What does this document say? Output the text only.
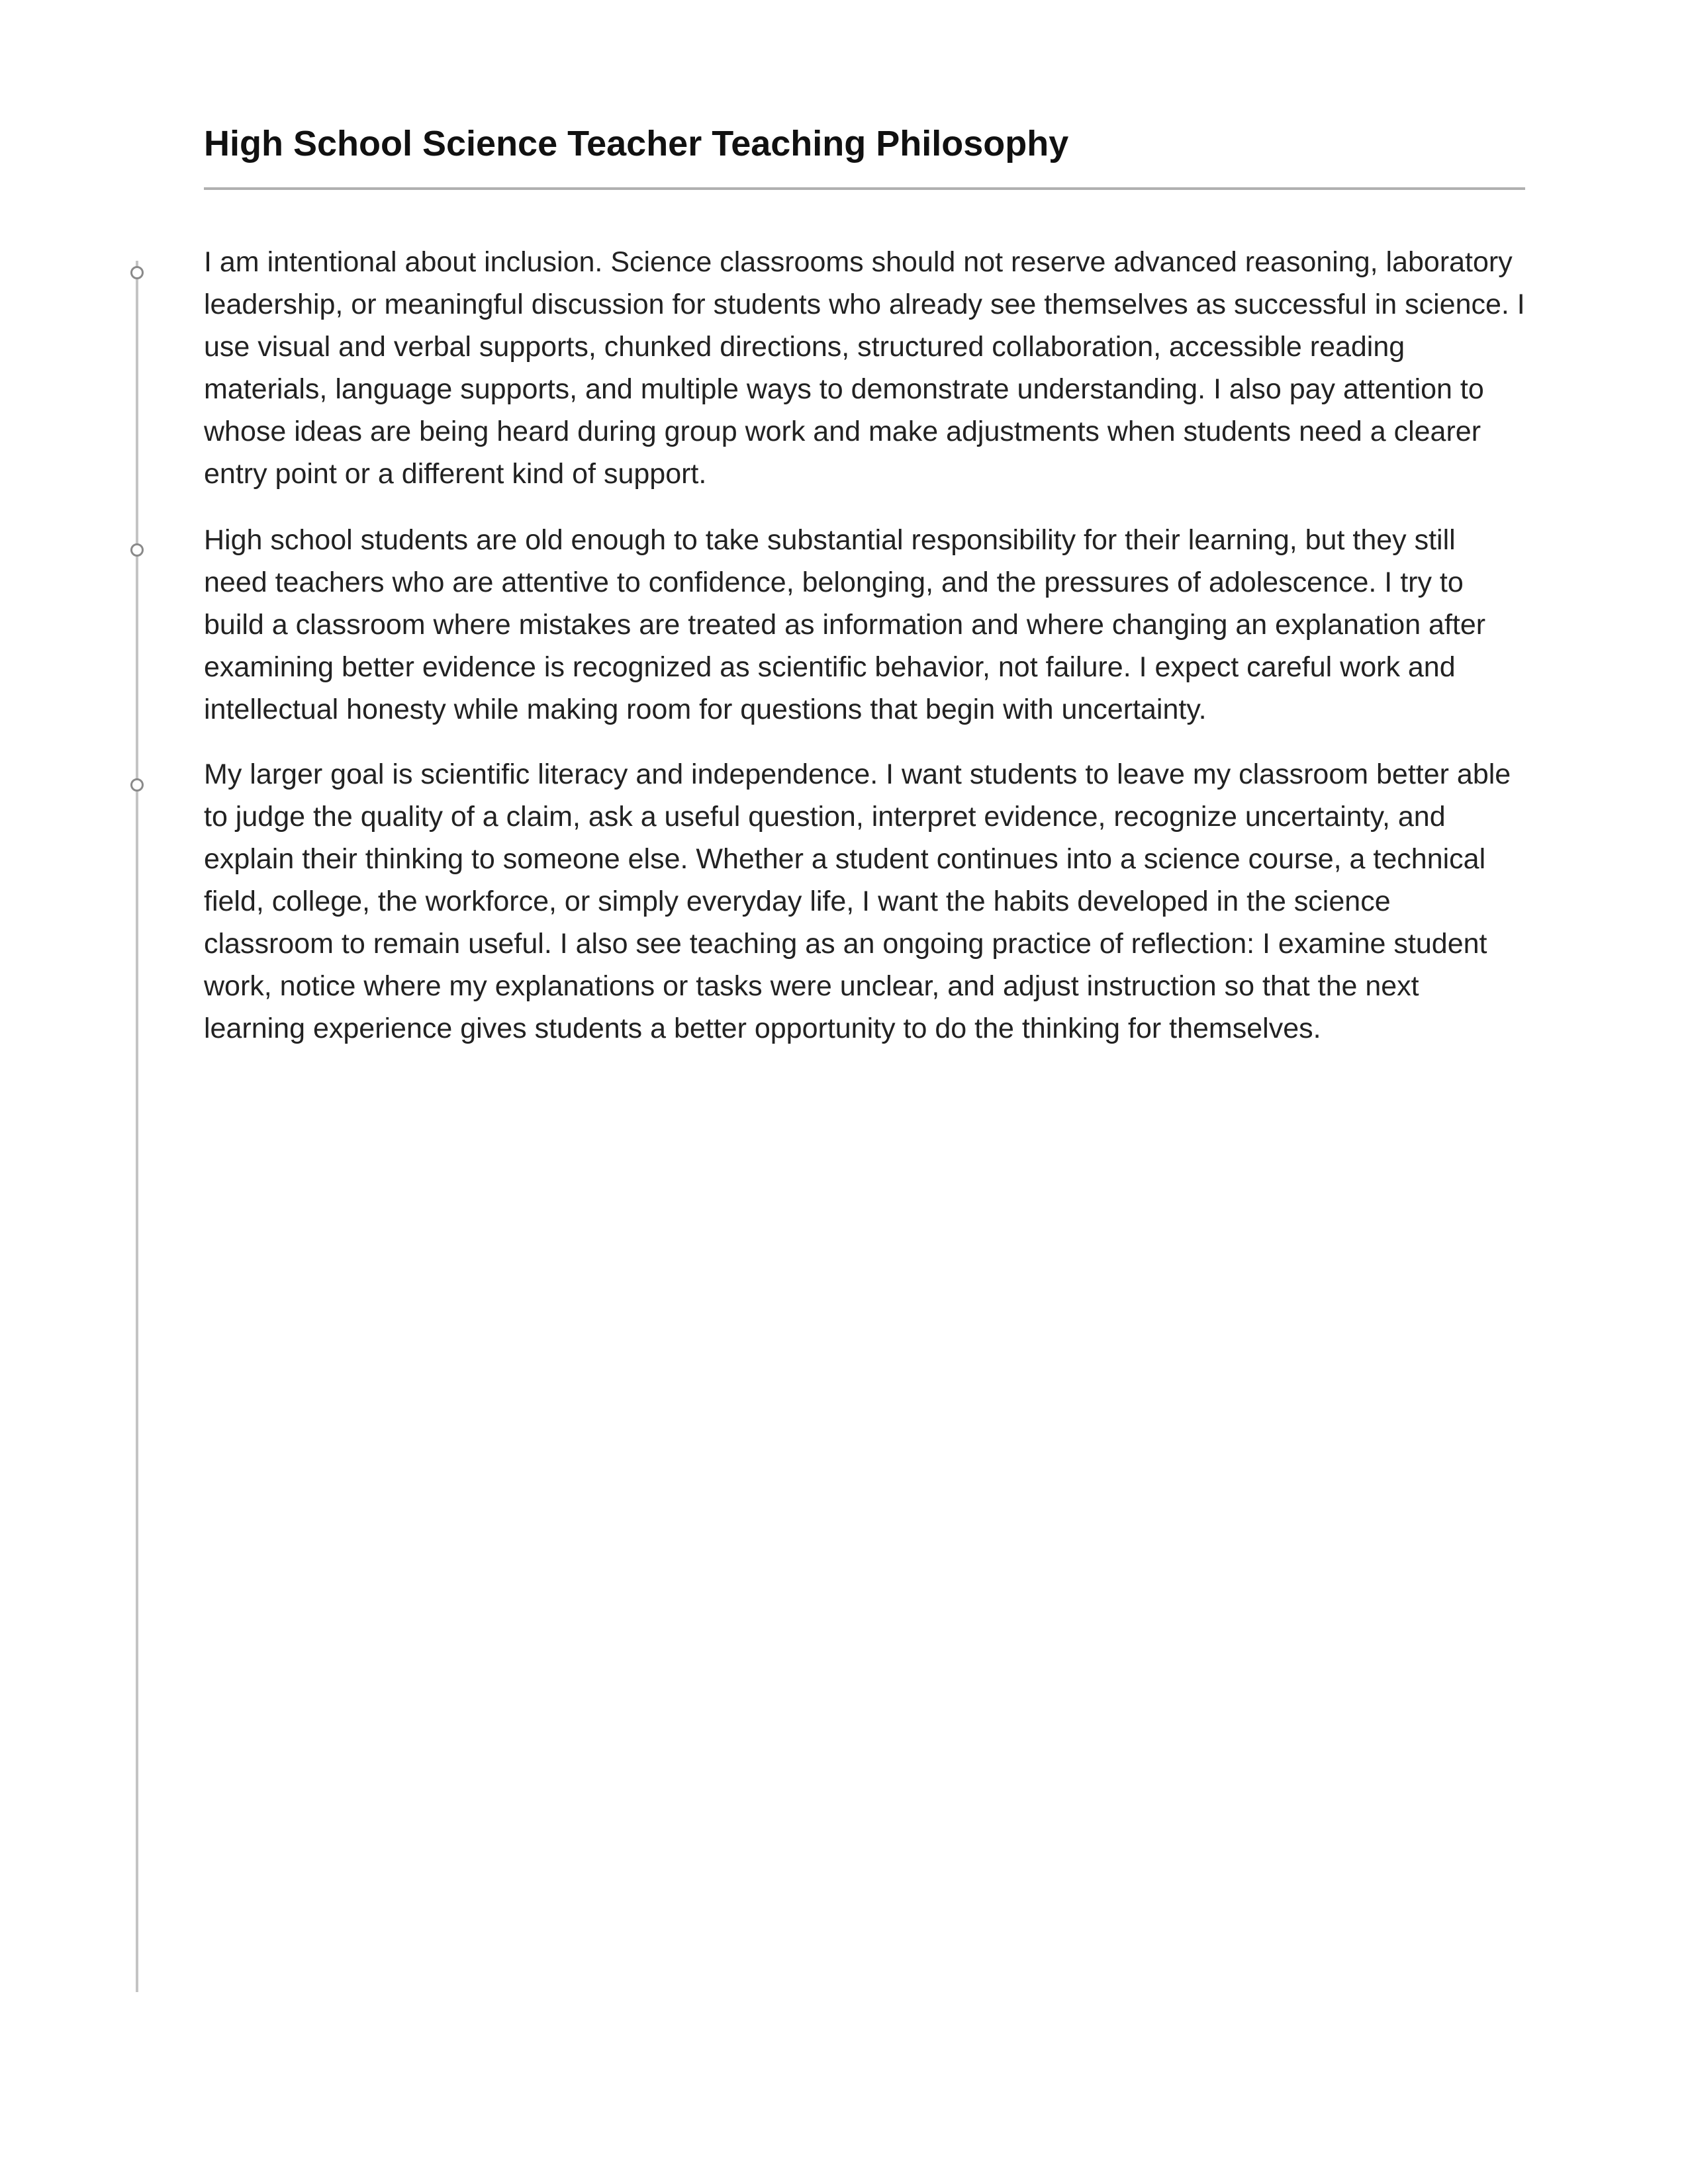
High School Science Teacher Teaching Philosophy

I am intentional about inclusion. Science classrooms should not reserve advanced reasoning, laboratory leadership, or meaningful discussion for students who already see themselves as successful in science. I use visual and verbal supports, chunked directions, structured collaboration, accessible reading materials, language supports, and multiple ways to demonstrate understanding. I also pay attention to whose ideas are being heard during group work and make adjustments when students need a clearer entry point or a different kind of support.

High school students are old enough to take substantial responsibility for their learning, but they still need teachers who are attentive to confidence, belonging, and the pressures of adolescence. I try to build a classroom where mistakes are treated as information and where changing an explanation after examining better evidence is recognized as scientific behavior, not failure. I expect careful work and intellectual honesty while making room for questions that begin with uncertainty.

My larger goal is scientific literacy and independence. I want students to leave my classroom better able to judge the quality of a claim, ask a useful question, interpret evidence, recognize uncertainty, and explain their thinking to someone else. Whether a student continues into a science course, a technical field, college, the workforce, or simply everyday life, I want the habits developed in the science classroom to remain useful. I also see teaching as an ongoing practice of reflection: I examine student work, notice where my explanations or tasks were unclear, and adjust instruction so that the next learning experience gives students a better opportunity to do the thinking for themselves.
